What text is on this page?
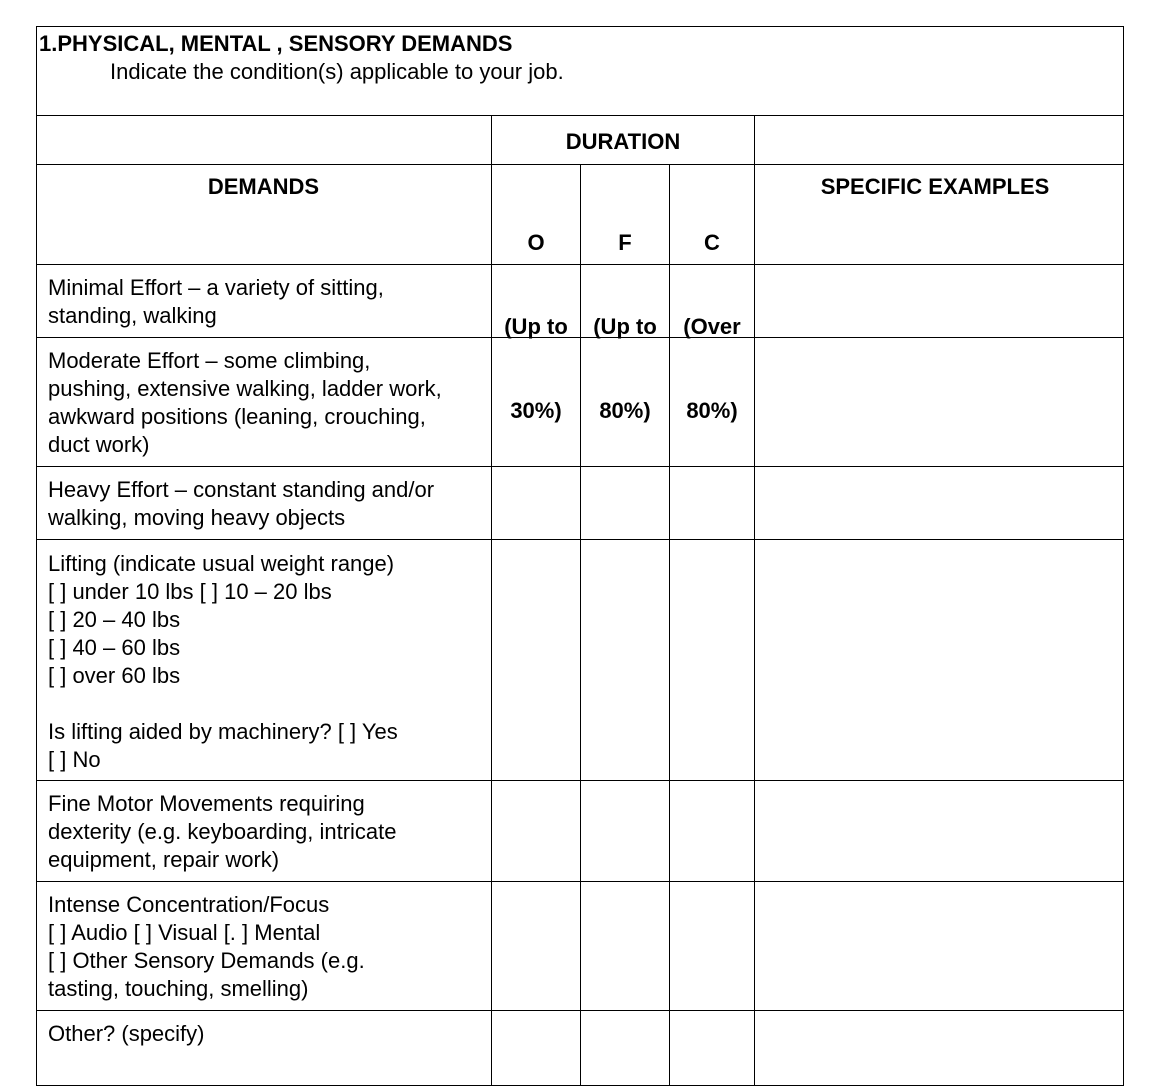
1.PHYSICAL, MENTAL , SENSORY DEMANDS
Indicate the condition(s) applicable to your job.
DURATION
DEMANDS	SPECIFIC EXAMPLES

O

(Up to

30%)

F

(Up to

80%)

C

(Over

80%)

Minimal Effort – a variety of sitting,
standing, walking
Moderate Effort – some climbing,
pushing, extensive walking, ladder work,
awkward positions (leaning, crouching,
duct work)
Heavy Effort – constant standing and/or
walking, moving heavy objects
Lifting (indicate usual weight range)
[ ] under 10 lbs [ ] 10 – 20 lbs
[ ] 20 – 40 lbs
[ ] 40 – 60 lbs
[ ] over 60 lbs

Is lifting aided by machinery? [ ] Yes
[ ] No
Fine Motor Movements requiring
dexterity (e.g. keyboarding, intricate
equipment, repair work)
Intense Concentration/Focus
[ ] Audio [ ] Visual [. ] Mental
[ ] Other Sensory Demands (e.g.
tasting, touching, smelling)
Other? (specify)
